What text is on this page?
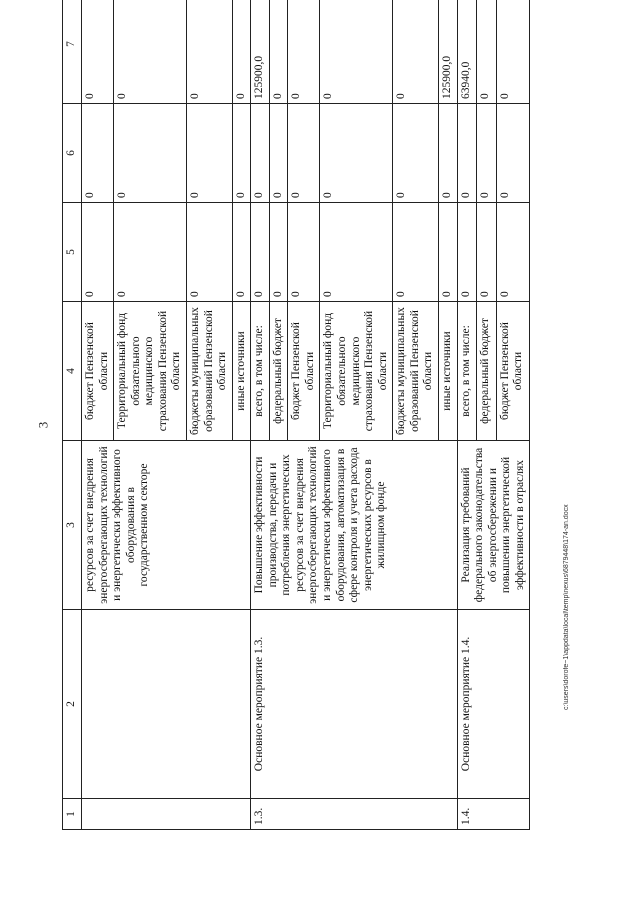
3
1	2	3	4	5	6	7
		ресурсов за счет внедрения энергосберегающих технологий и энергетически эффективного оборудования в государственном секторе	бюджет Пензенской области	0	0	0
			Территориальный фонд обязательного медицинского страхования Пензенской области	0	0	0
			бюджеты муниципальных образований Пензенской области	0	0	0
			иные источники	0	0	0
1.3.	Основное мероприятие 1.3.	Повышение эффективности производства, передачи и потребления энергетических ресурсов за счет внедрения энергосберегающих технологий и энергетически эффективного оборудования, автоматизация в сфере контроля и учета расхода энергетических ресурсов в жилищном фонде	всего, в том числе:	0	0	125900,0
			федеральный бюджет	0	0	0
			бюджет Пензенской области	0	0	0
			Территориальный фонд обязательного медицинского страхования Пензенской области	0	0	0
			бюджеты муниципальных образований Пензенской области	0	0	0
			иные источники	0	0	125900,0
1.4.	Основное мероприятие 1.4.	Реализация требований федерального законодательства об энергосбережении и повышении энергетической эффективности в отраслях	всего, в том числе:	0	0	63940,0
			федеральный бюджет	0	0	0
			бюджет Пензенской области	0	0	0
c:\users\dorofe~1\appdata\local\temp\nexus\6879448\174-an.docx
